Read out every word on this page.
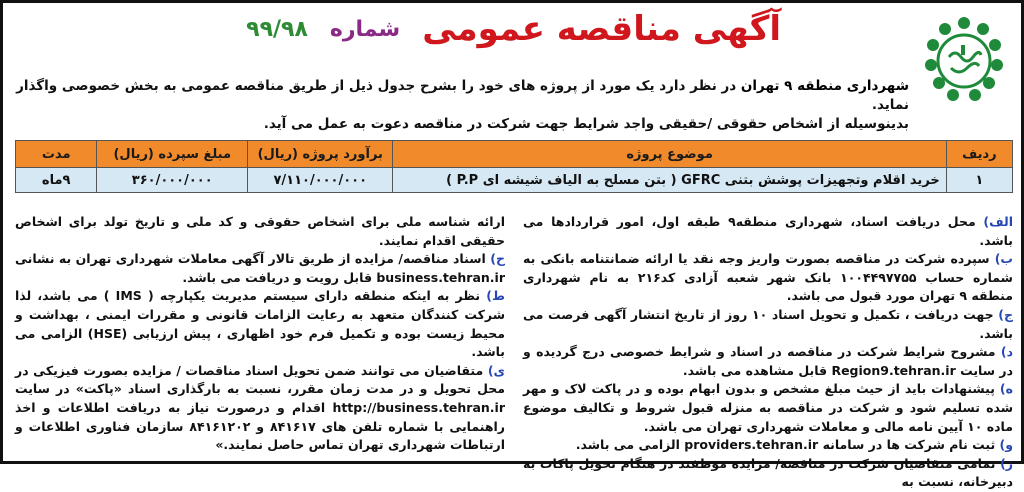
آگهی مناقصه عمومی
شماره
۹۹/۹۸
شهرداری منطقه ۹ تهران در نظر دارد یک مورد از پروژه های خود را بشرح جدول ذیل از طریق مناقصه عمومی به بخش خصوصی واگذار نماید.
بدینوسیله از اشخاص حقوقی /حقیقی واجد شرایط جهت شرکت در مناقصه دعوت به عمل می آید.
ردیف	موضوع پروژه	برآورد پروژه (ریال)	مبلغ سپرده (ریال)	مدت
۱	خرید اقلام وتجهیزات پوشش بتنی GFRC ( بتن مسلح به الیاف شیشه ای P.P )	۷/۱۱۰/۰۰۰/۰۰۰	۳۶۰/۰۰۰/۰۰۰	۹ماه

الف) محل دریافت اسناد، شهرداری منطقه۹ طبقه اول، امور قراردادها می باشد.

ب) سپرده شرکت در مناقصه بصورت واریز وجه نقد یا ارائه ضمانتنامه بانکی به شماره حساب ۱۰۰۴۴۹۷۷۵۵ بانک شهر شعبه آزادی کد۲۱۶ به نام شهرداری منطقه ۹ تهران مورد قبول می باشد.

ج) جهت دریافت ، تکمیل و تحویل اسناد ۱۰ روز از تاریخ انتشار آگهی فرصت می باشد.

د) مشروح شرایط شرکت در مناقصه در اسناد و شرایط خصوصی درج گردیده و در سایت Region9.tehran.ir قابل مشاهده می باشد.

ه) پیشنهادات باید از حیث مبلغ مشخص و بدون ابهام بوده و در پاکت لاک و مهر شده تسلیم شود و شرکت در مناقصه به منزله قبول شروط و تکالیف موضوع ماده ۱۰ آیین نامه مالی و معاملات شهرداری تهران می باشد.

و) ثبت نام شرکت ها در سامانه providers.tehran.ir الزامی می باشد.

ز) تمامی متقاضیان شرکت در مناقصه/ مزایده موظفند در هنگام تحویل پاکات به دبیرخانه، نسبت به

ارائه شناسه ملی برای اشخاص حقوقی و کد ملی و تاریخ تولد برای اشخاص حقیقی اقدام نمایند.

ح) اسناد مناقصه/ مزایده از طریق تالار آگهی معاملات شهرداری تهران به نشانی business.tehran.ir قابل رویت و دریافت می باشد.

ط) نظر به اینکه منطقه دارای سیستم مدیریت یکپارچه ( IMS ) می باشد، لذا شرکت کنندگان متعهد به رعایت الزامات قانونی و مقررات ایمنی ، بهداشت و محیط زیست بوده و تکمیل فرم خود اظهاری ، پیش ارزیابی (HSE) الزامی می باشد.

ی) متقاضیان می توانند ضمن تحویل اسناد مناقصات / مزایده بصورت فیزیکی در محل تحویل و در مدت زمان مقرر، نسبت به بارگذاری اسناد «پاکت» در سایت http://business.tehran.ir اقدام و درصورت نیاز به دریافت اطلاعات و اخذ راهنمایی با شماره تلفن های ۸۴۱۶۱۷ و ۸۴۱۶۱۲۰۲ سازمان فناوری اطلاعات و ارتباطات شهرداری تهران تماس حاصل نمایند.»
